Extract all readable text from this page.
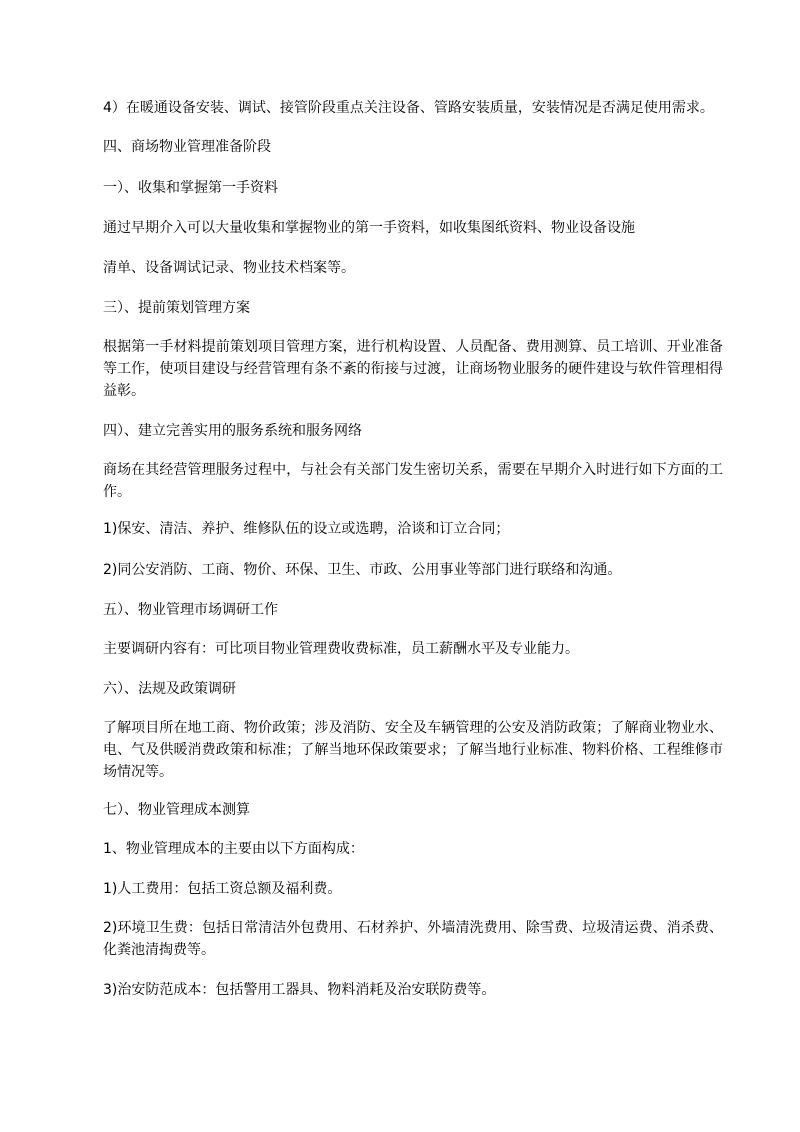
4）在暖通设备安装、调试、接管阶段重点关注设备、管路安装质量，安装情况是否满足使用需求。
四、商场物业管理准备阶段
一）、收集和掌握第一手资料
通过早期介入可以大量收集和掌握物业的第一手资料，如收集图纸资料、物业设备设施
清单、设备调试记录、物业技术档案等。
三）、提前策划管理方案
根据第一手材料提前策划项目管理方案，进行机构设置、人员配备、费用测算、员工培训、开业准备等工作，使项目建设与经营管理有条不紊的衔接与过渡，让商场物业服务的硬件建设与软件管理相得益彰。
四）、建立完善实用的服务系统和服务网络
商场在其经营管理服务过程中，与社会有关部门发生密切关系，需要在早期介入时进行如下方面的工作。
1)保安、清洁、养护、维修队伍的设立或选聘，洽谈和订立合同；
2)同公安消防、工商、物价、环保、卫生、市政、公用事业等部门进行联络和沟通。
五）、物业管理市场调研工作
主要调研内容有：可比项目物业管理费收费标准，员工薪酬水平及专业能力。
六）、法规及政策调研
了解项目所在地工商、物价政策；涉及消防、安全及车辆管理的公安及消防政策；了解商业物业水、电、气及供暖消费政策和标准；了解当地环保政策要求；了解当地行业标准、物料价格、工程维修市场情况等。
七）、物业管理成本测算
1、物业管理成本的主要由以下方面构成：
1)人工费用：包括工资总额及福利费。
2)环境卫生费：包括日常清洁外包费用、石材养护、外墙清洗费用、除雪费、垃圾清运费、消杀费、化粪池清掏费等。
3)治安防范成本：包括警用工器具、物料消耗及治安联防费等。
